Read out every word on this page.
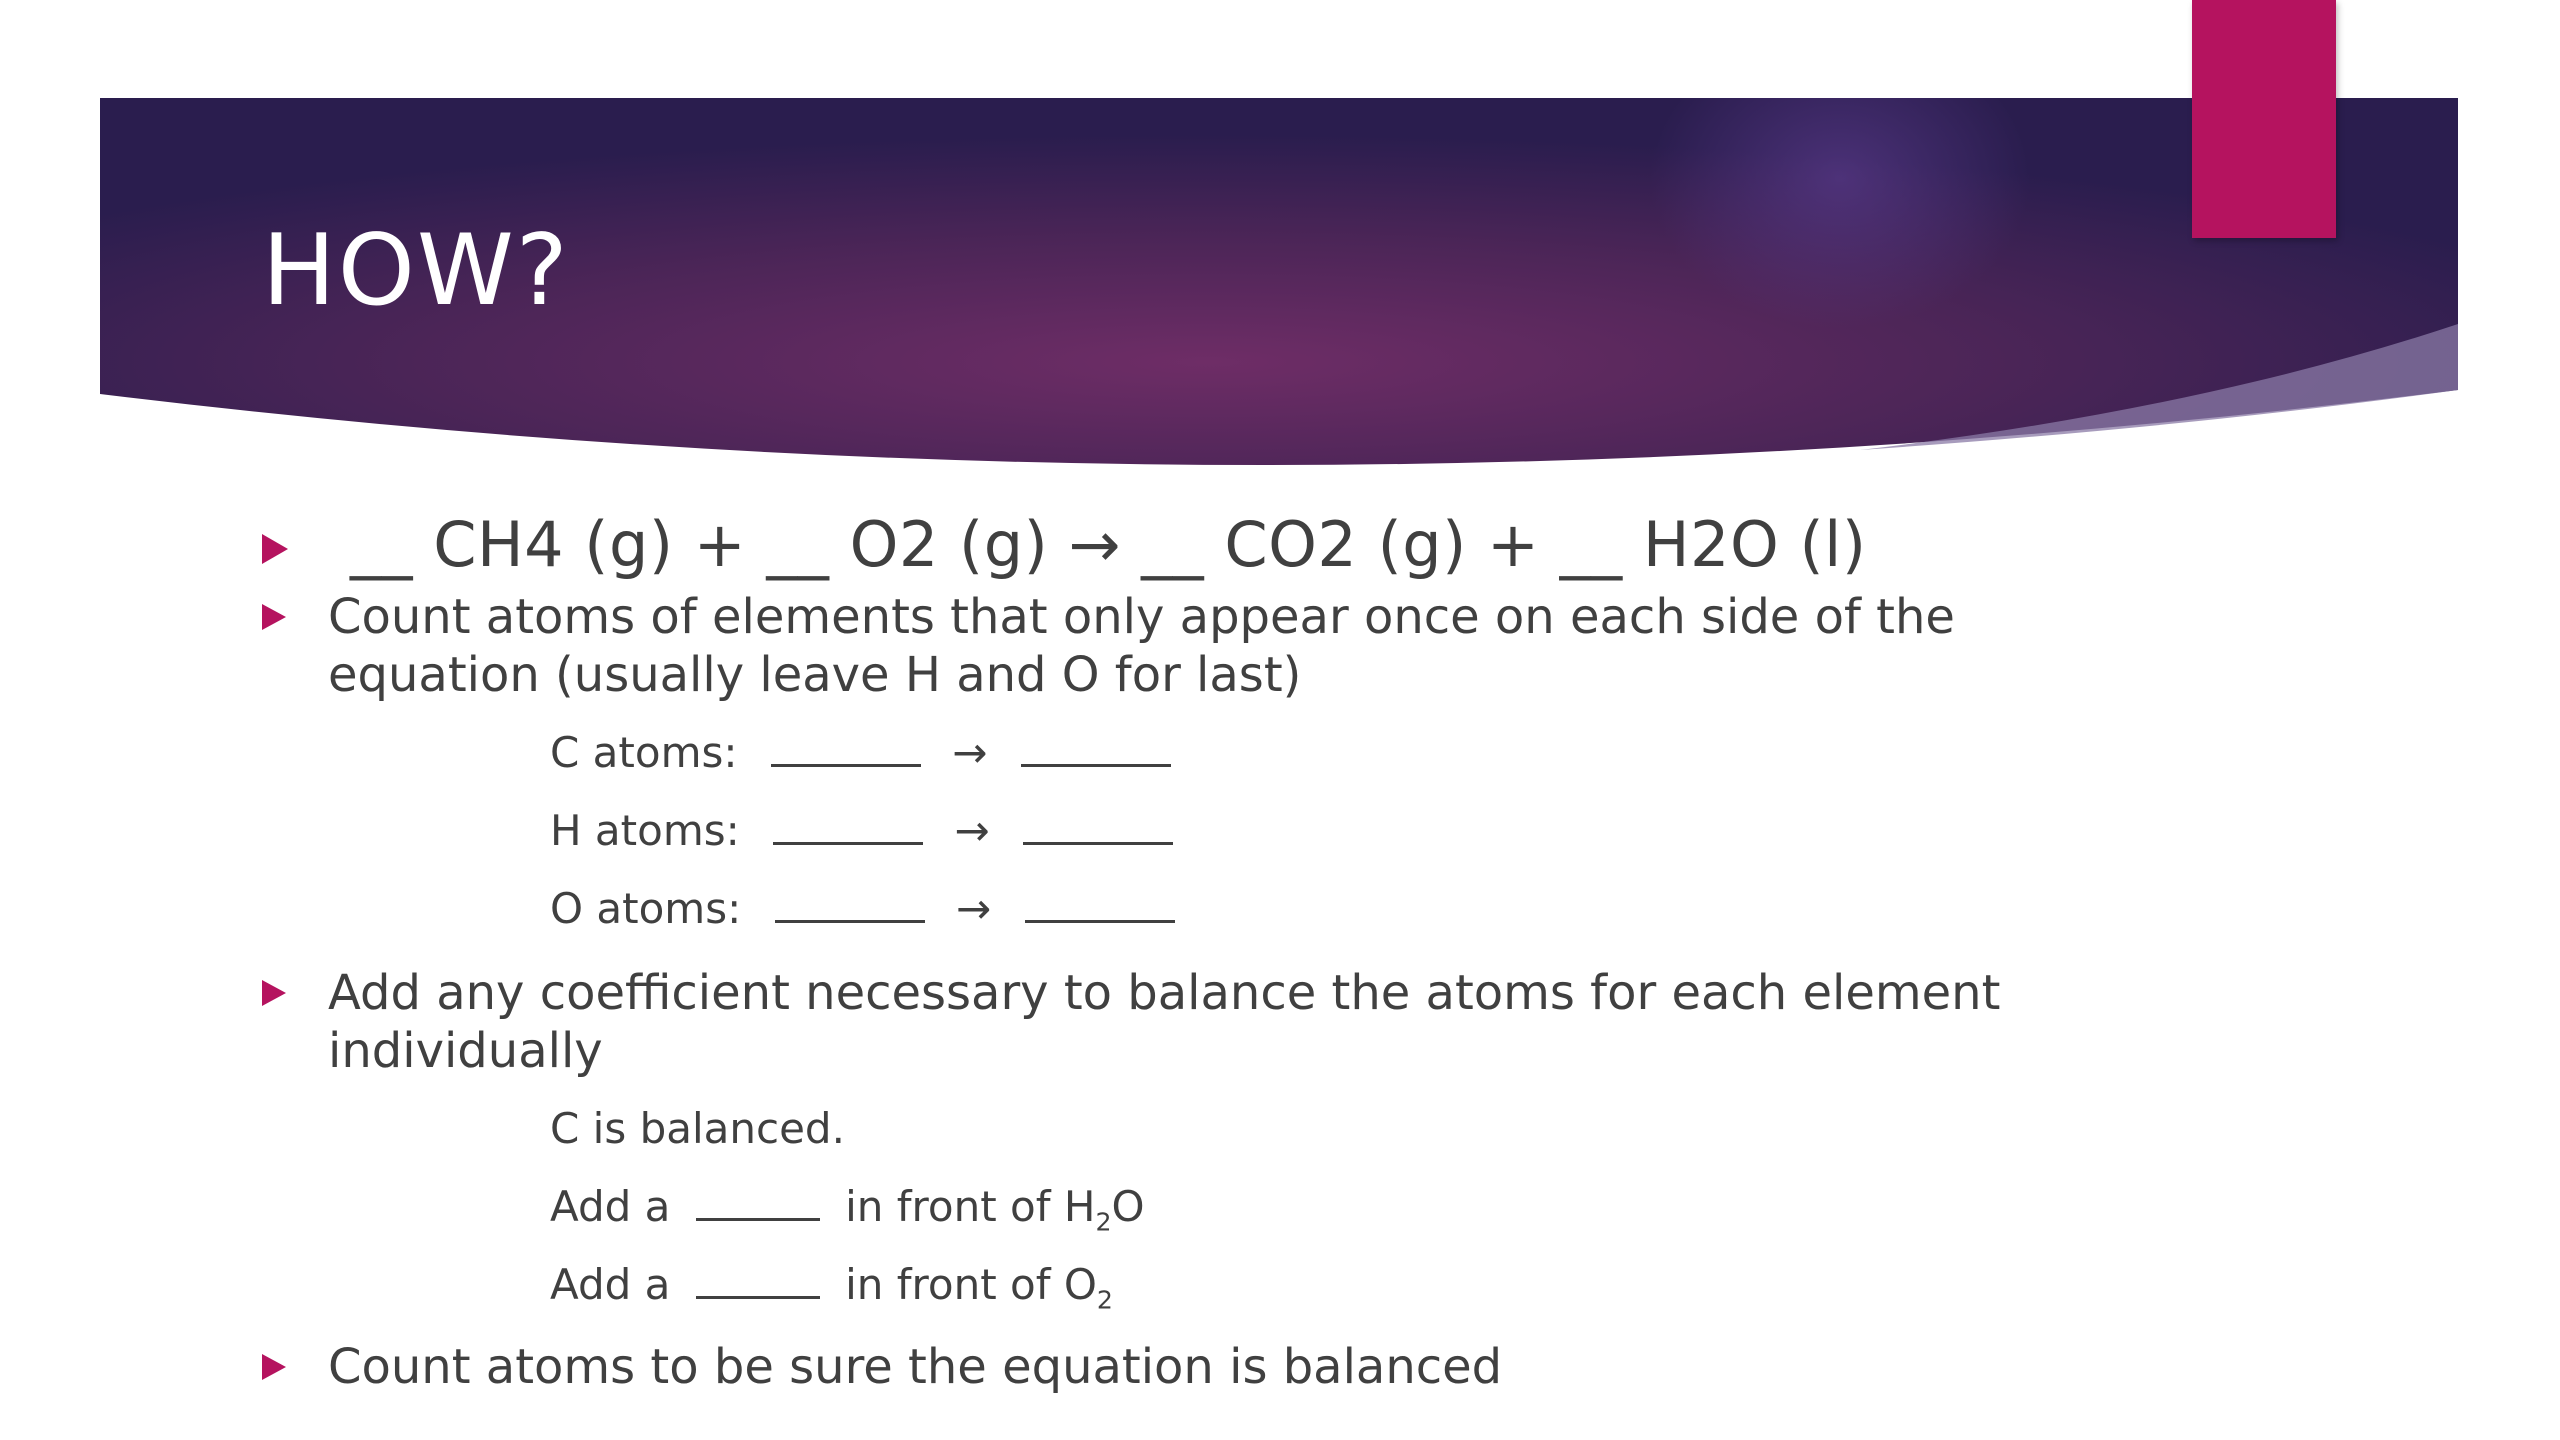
HOW?
__ CH4 (g) + __ O2 (g) → __ CO2 (g) + __ H2O (l)
Count atoms of elements that only appear once on each side of the equation (usually leave H and O for last)
C atoms:	→
H atoms:	→
O atoms:	→
Add any coefficient necessary to balance the atoms for each element individually
C is balanced.
Add a	in front of $H_2O$
Add a	in front of $O_2$
Count atoms to be sure the equation is balanced
